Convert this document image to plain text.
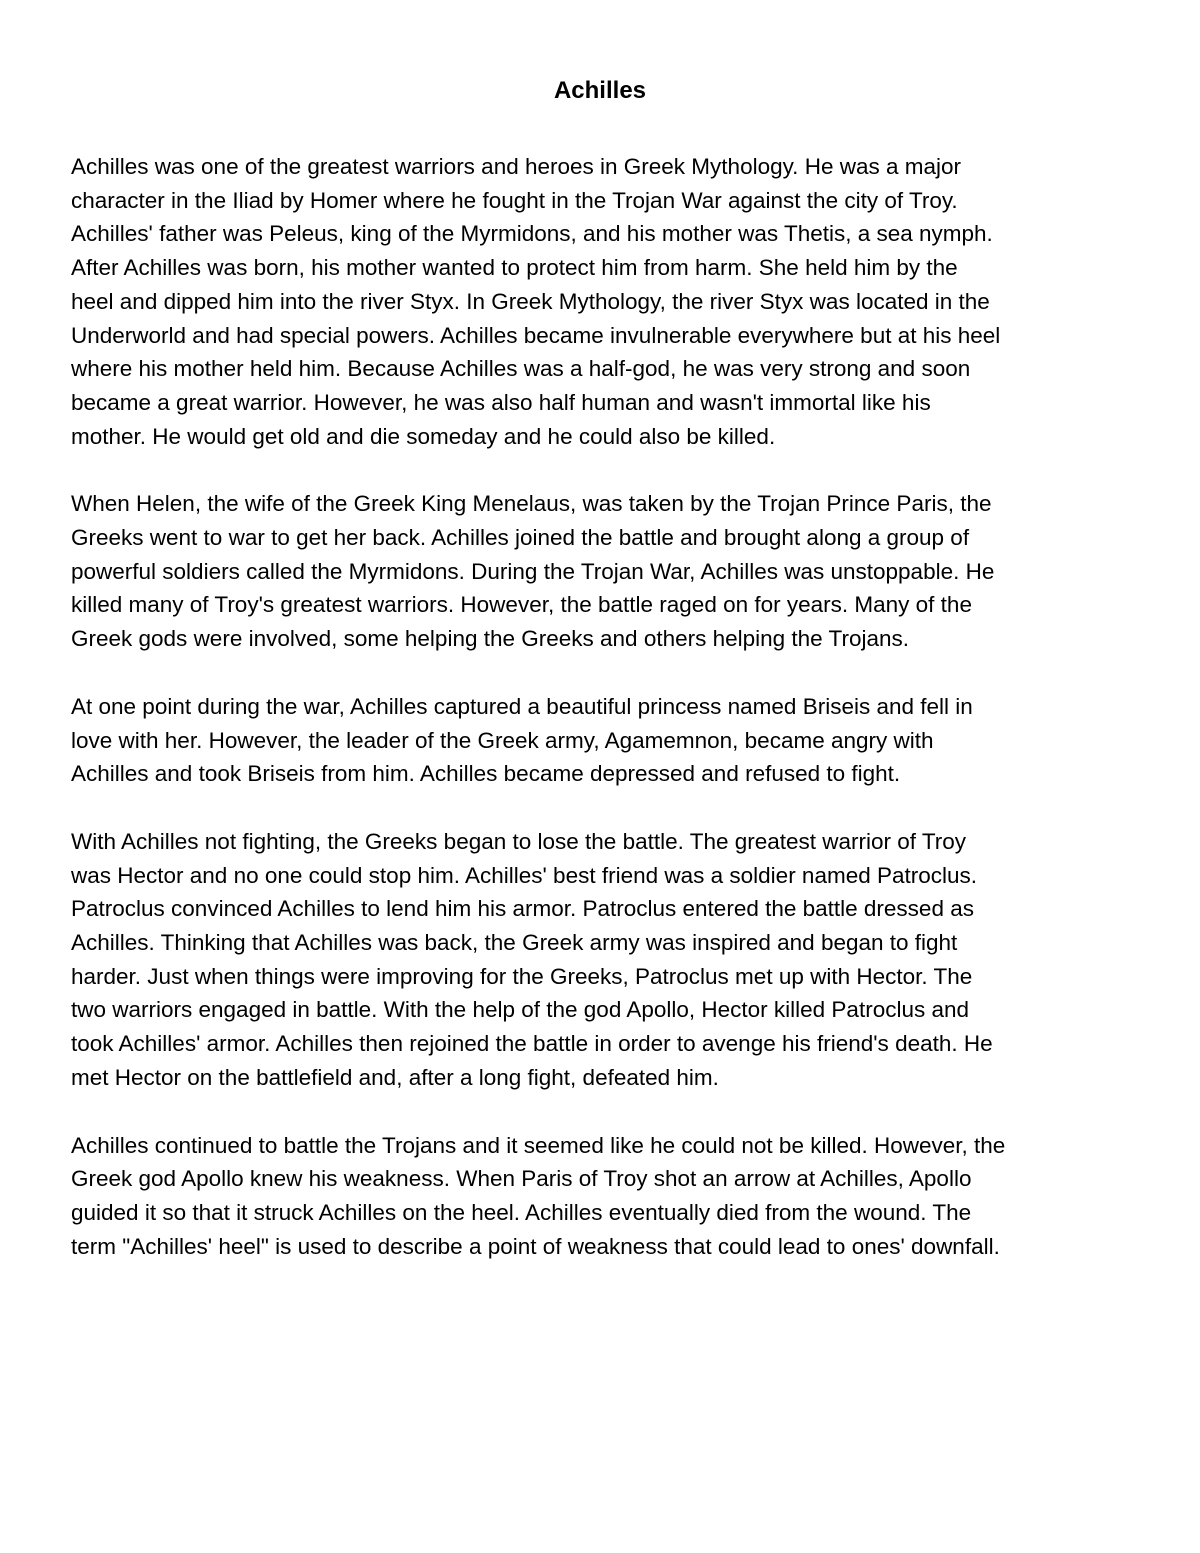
Achilles

Achilles was one of the greatest warriors and heroes in Greek Mythology. He was a major
character in the Iliad by Homer where he fought in the Trojan War against the city of Troy.
Achilles' father was Peleus, king of the Myrmidons, and his mother was Thetis, a sea nymph.
After Achilles was born, his mother wanted to protect him from harm. She held him by the
heel and dipped him into the river Styx. In Greek Mythology, the river Styx was located in the
Underworld and had special powers. Achilles became invulnerable everywhere but at his heel
where his mother held him. Because Achilles was a half-god, he was very strong and soon
became a great warrior. However, he was also half human and wasn't immortal like his
mother. He would get old and die someday and he could also be killed.

When Helen, the wife of the Greek King Menelaus, was taken by the Trojan Prince Paris, the
Greeks went to war to get her back. Achilles joined the battle and brought along a group of
powerful soldiers called the Myrmidons. During the Trojan War, Achilles was unstoppable. He
killed many of Troy's greatest warriors. However, the battle raged on for years. Many of the
Greek gods were involved, some helping the Greeks and others helping the Trojans.

At one point during the war, Achilles captured a beautiful princess named Briseis and fell in
love with her. However, the leader of the Greek army, Agamemnon, became angry with
Achilles and took Briseis from him. Achilles became depressed and refused to fight.

With Achilles not fighting, the Greeks began to lose the battle. The greatest warrior of Troy
was Hector and no one could stop him. Achilles' best friend was a soldier named Patroclus.
Patroclus convinced Achilles to lend him his armor. Patroclus entered the battle dressed as
Achilles. Thinking that Achilles was back, the Greek army was inspired and began to fight
harder. Just when things were improving for the Greeks, Patroclus met up with Hector. The
two warriors engaged in battle. With the help of the god Apollo, Hector killed Patroclus and
took Achilles' armor. Achilles then rejoined the battle in order to avenge his friend's death. He
met Hector on the battlefield and, after a long fight, defeated him.

Achilles continued to battle the Trojans and it seemed like he could not be killed. However, the
Greek god Apollo knew his weakness. When Paris of Troy shot an arrow at Achilles, Apollo
guided it so that it struck Achilles on the heel. Achilles eventually died from the wound. The
term "Achilles' heel" is used to describe a point of weakness that could lead to ones' downfall.
